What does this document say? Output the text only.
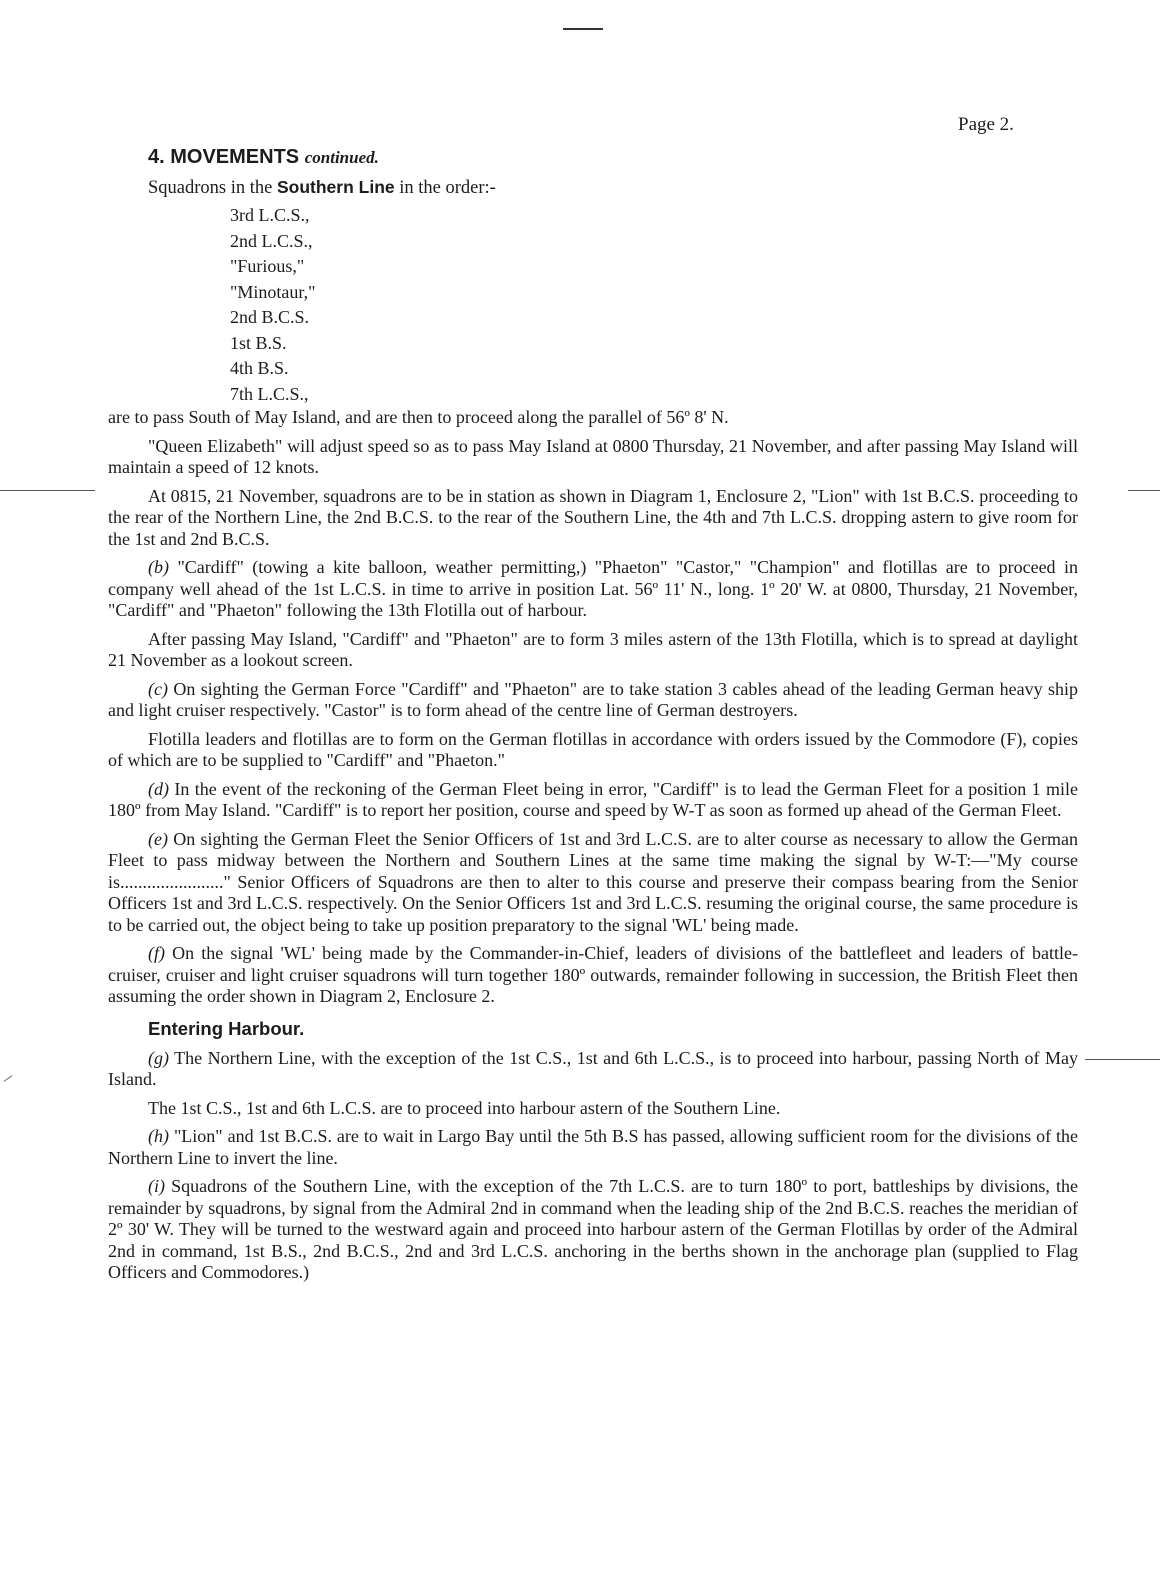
Page 2.
4. MOVEMENTS continued.
Squadrons in the Southern Line in the order:-
3rd L.C.S.,
2nd L.C.S.,
"Furious,"
"Minotaur,"
2nd B.C.S.
1st B.S.
4th B.S.
7th L.C.S.,

are to pass South of May Island, and are then to proceed along the parallel of 56º 8' N.

"Queen Elizabeth" will adjust speed so as to pass May Island at 0800 Thursday, 21 November, and after passing May Island will maintain a speed of 12 knots.

At 0815, 21 November, squadrons are to be in station as shown in Diagram 1, Enclosure 2, "Lion" with 1st B.C.S. proceeding to the rear of the Northern Line, the 2nd B.C.S. to the rear of the Southern Line, the 4th and 7th L.C.S. dropping astern to give room for the 1st and 2nd B.C.S.

(b) "Cardiff" (towing a kite balloon, weather permitting,) "Phaeton" "Castor," "Champion" and flotillas are to proceed in company well ahead of the 1st L.C.S. in time to arrive in position Lat. 56º 11' N., long. 1º 20' W. at 0800, Thursday, 21 November, "Cardiff" and "Phaeton" following the 13th Flotilla out of harbour.

After passing May Island, "Cardiff" and "Phaeton" are to form 3 miles astern of the 13th Flotilla, which is to spread at daylight 21 November as a lookout screen.

(c) On sighting the German Force "Cardiff" and "Phaeton" are to take station 3 cables ahead of the leading German heavy ship and light cruiser respectively. "Castor" is to form ahead of the centre line of German destroyers.

Flotilla leaders and flotillas are to form on the German flotillas in accordance with orders issued by the Commodore (F), copies of which are to be supplied to "Cardiff" and "Phaeton."

(d) In the event of the reckoning of the German Fleet being in error, "Cardiff" is to lead the German Fleet for a position 1 mile 180º from May Island. "Cardiff" is to report her position, course and speed by W-T as soon as formed up ahead of the German Fleet.

(e) On sighting the German Fleet the Senior Officers of 1st and 3rd L.C.S. are to alter course as necessary to allow the German Fleet to pass midway between the Northern and Southern Lines at the same time making the signal by W-T:—"My course is......................." Senior Officers of Squadrons are then to alter to this course and preserve their compass bearing from the Senior Officers 1st and 3rd L.C.S. respectively. On the Senior Officers 1st and 3rd L.C.S. resuming the original course, the same procedure is to be carried out, the object being to take up position preparatory to the signal 'WL' being made.

(f) On the signal 'WL' being made by the Commander-in-Chief, leaders of divisions of the battlefleet and leaders of battle-cruiser, cruiser and light cruiser squadrons will turn together 180º outwards, remainder following in succession, the British Fleet then assuming the order shown in Diagram 2, Enclosure 2.

Entering Harbour.

(g) The Northern Line, with the exception of the 1st C.S., 1st and 6th L.C.S., is to proceed into harbour, passing North of May Island.

The 1st C.S., 1st and 6th L.C.S. are to proceed into harbour astern of the Southern Line.

(h) "Lion" and 1st B.C.S. are to wait in Largo Bay until the 5th B.S has passed, allowing sufficient room for the divisions of the Northern Line to invert the line.

(i) Squadrons of the Southern Line, with the exception of the 7th L.C.S. are to turn 180º to port, battleships by divisions, the remainder by squadrons, by signal from the Admiral 2nd in command when the leading ship of the 2nd B.C.S. reaches the meridian of 2º 30' W. They will be turned to the westward again and proceed into harbour astern of the German Flotillas by order of the Admiral 2nd in command, 1st B.S., 2nd B.C.S., 2nd and 3rd L.C.S. anchoring in the berths shown in the anchorage plan (supplied to Flag Officers and Commodores.)
